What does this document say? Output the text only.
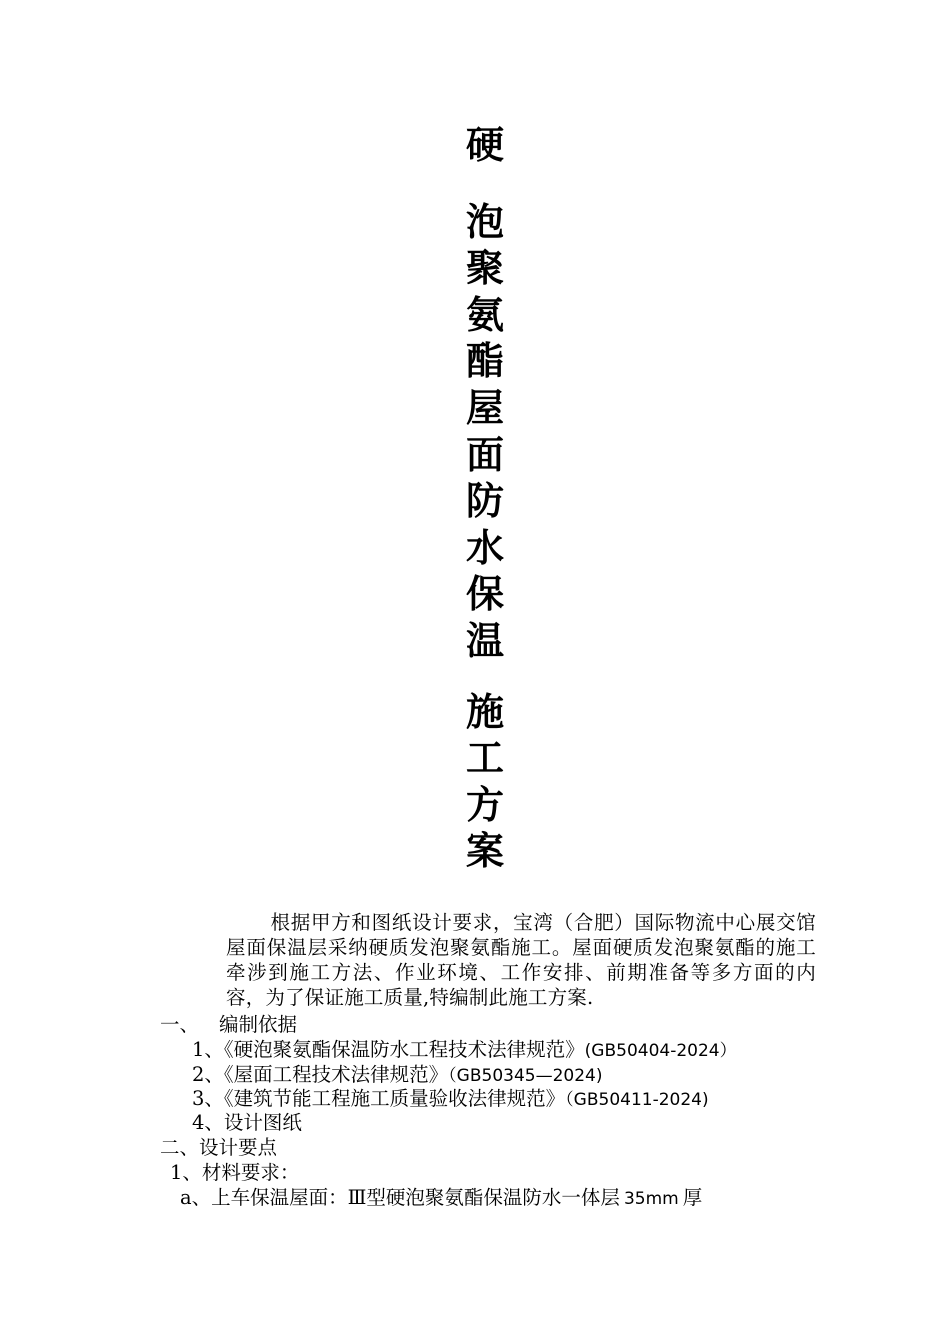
硬
泡
聚
氨
酯
屋
面
防
水
保
温
施
工
方
案
根据甲方和图纸设计要求，宝湾（合肥）国际物流中心展交馆屋面保温层采纳硬质发泡聚氨酯施工。屋面硬质发泡聚氨酯的施工牵涉到施工方法、作业环境、工作安排、前期准备等多方面的内容，为了保证施工质量,特编制此施工方案.
一、 编制依据
1、《硬泡聚氨酯保温防水工程技术法律规范》(GB50404-2024）
2、《屋面工程技术法律规范》（GB50345—2024)
3、《建筑节能工程施工质量验收法律规范》（GB50411-2024)
4、设计图纸
二、设计要点
1、材料要求：
a、上车保温屋面：Ⅲ型硬泡聚氨酯保温防水一体层 35mm 厚
